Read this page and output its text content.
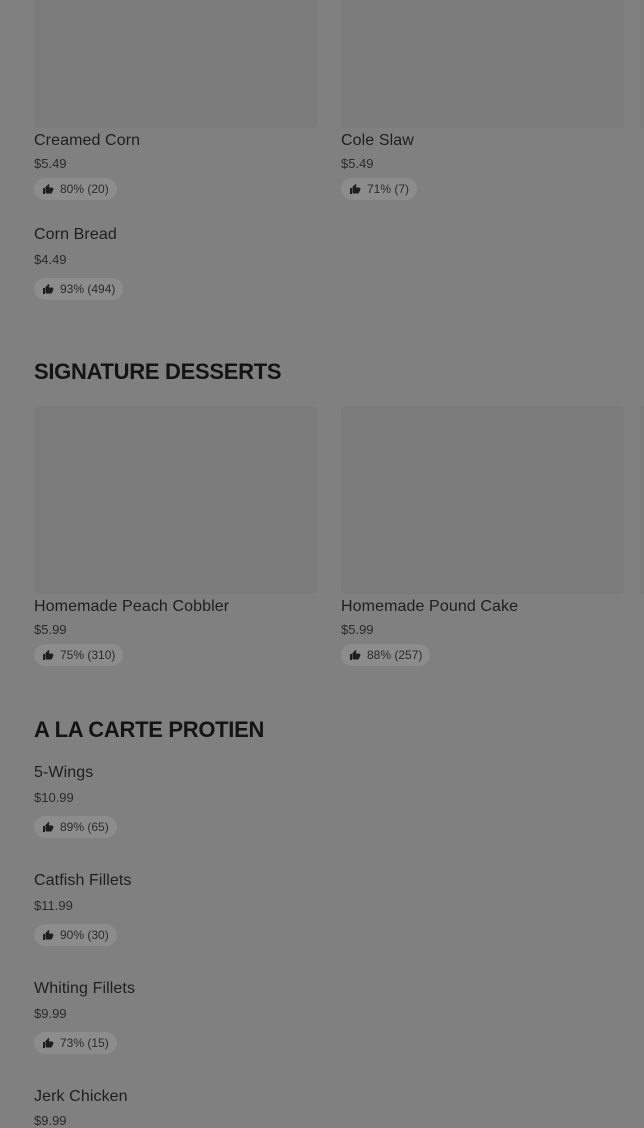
Creamed Corn
$5.49
80% (20)
Cole Slaw
$5.49
71% (7)
Corn Bread
$4.49
93% (494)
SIGNATURE DESSERTS
Homemade Peach Cobbler
$5.99
75% (310)
Homemade Pound Cake
$5.99
88% (257)
A LA CARTE PROTIEN
5-Wings
$10.99
89% (65)
Catfish Fillets
$11.99
90% (30)
Whiting Fillets
$9.99
73% (15)
Jerk Chicken
$9.99
